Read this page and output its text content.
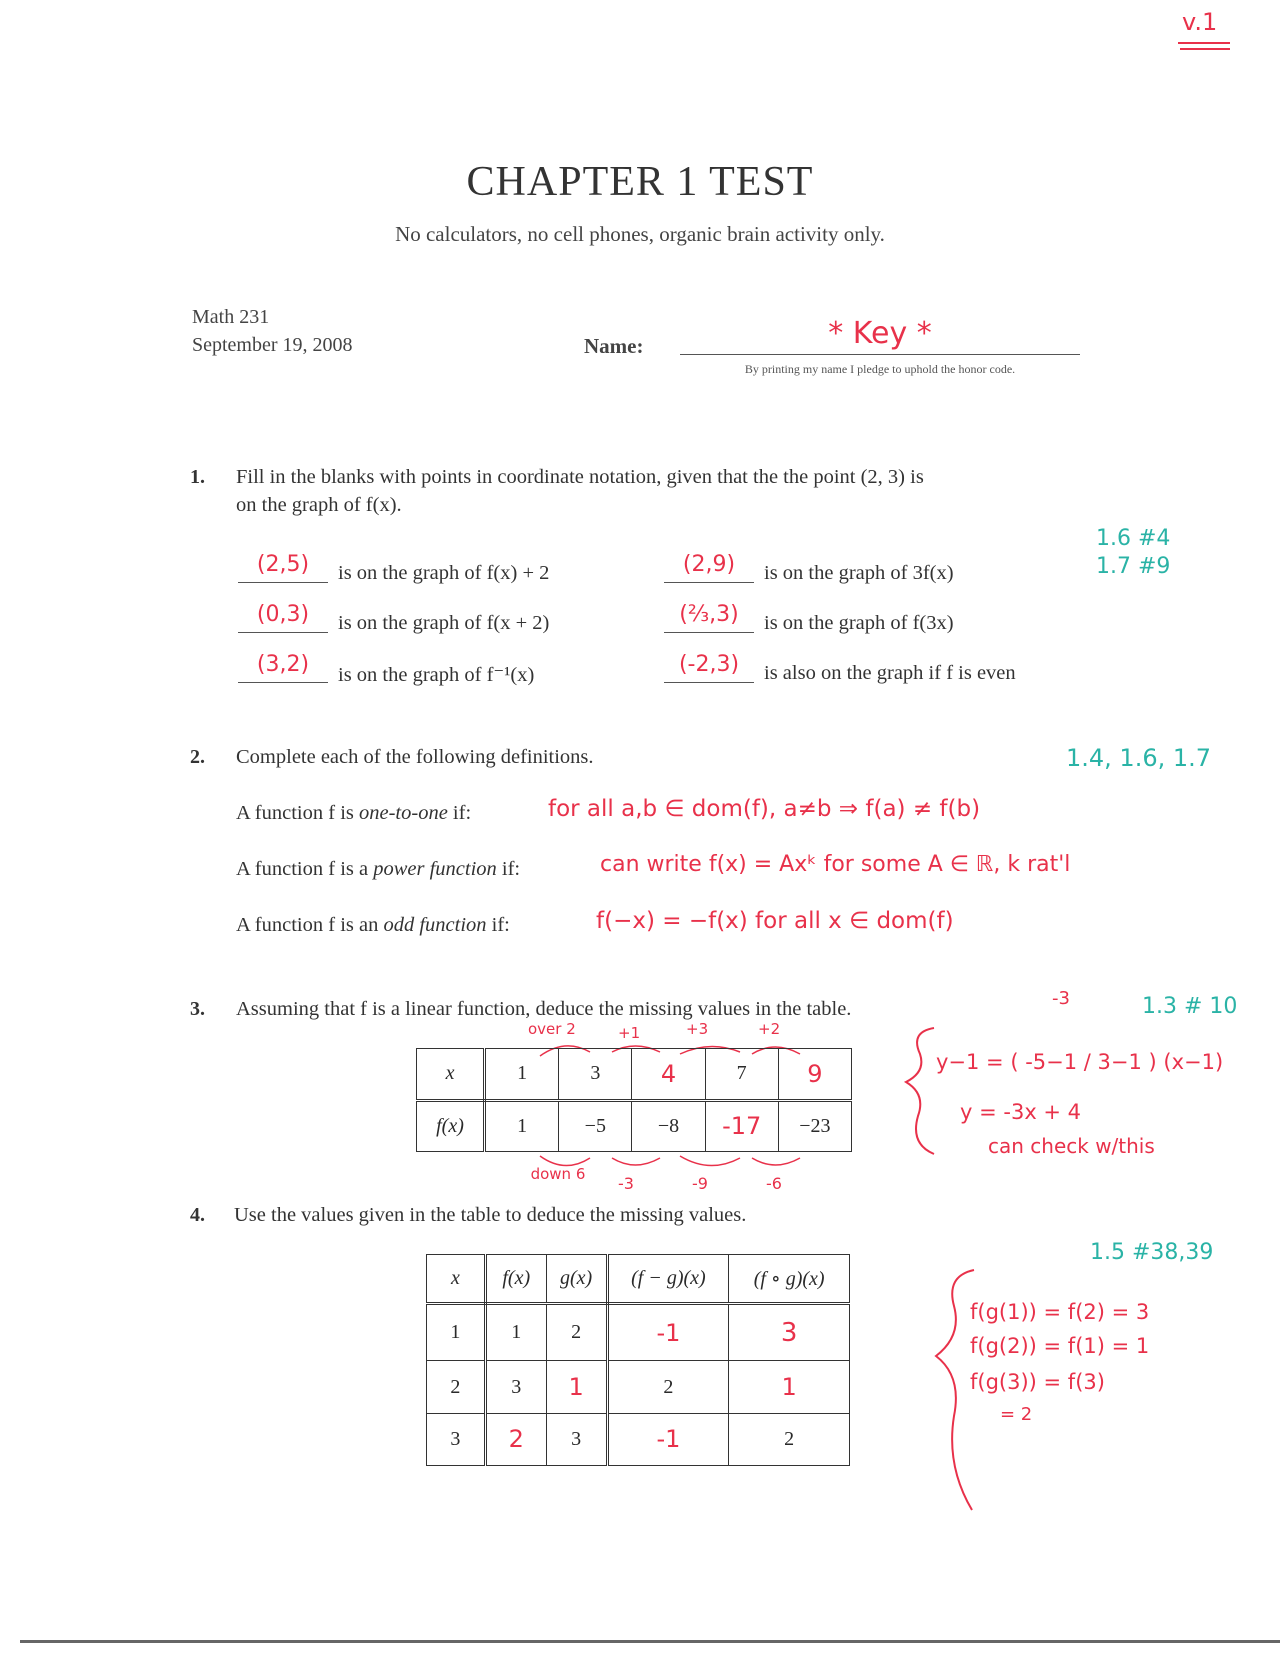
v.1
CHAPTER 1 TEST
No calculators, no cell phones, organic brain activity only.
Math 231
September 19, 2008	Name:	* Key *
By printing my name I pledge to uphold the honor code.
1. Fill in the blanks with points in coordinate notation, given that the the point (2, 3) is
on the graph of f(x).
1.6 #4
1.7 #9
(2,5)	is on the graph of f(x) + 2
(0,3)	is on the graph of f(x + 2)
(3,2)	is on the graph of f⁻¹(x)
(2,9)	is on the graph of 3f(x)
(⅔,3)	is on the graph of f(3x)
(-2,3)	is also on the graph if f is even
2. Complete each of the following definitions.	1.4, 1.6, 1.7
A function f is one-to-one if:	for all a,b ∈ dom(f), a≠b ⇒ f(a) ≠ f(b)
A function f is a power function if:	can write f(x) = Axᵏ for some A ∈ ℝ, k rat'l
A function f is an odd function if:	f(−x) = −f(x) for all x ∈ dom(f)
3. Assuming that f is a linear function, deduce the missing values in the table.	1.3 # 10
over 2	+1	+3	+2
x	1	3	4	7	9
f(x)	1	−5	−8	-17	−23
down 6 -3	-9	-6
-3
y−1 = ( -5−1 / 3−1 ) (x−1)
y = -3x + 4
can check w/this
4. Use the values given in the table to deduce the missing values.
1.5 #38,39
x	f(x)	g(x)	(f − g)(x)	(f ∘ g)(x)
1	1	2	-1	3
2	3	1	2	1
3	2	3	-1	2
f(g(1)) = f(2) = 3
f(g(2)) = f(1) = 1
f(g(3)) = f(3)
= 2
